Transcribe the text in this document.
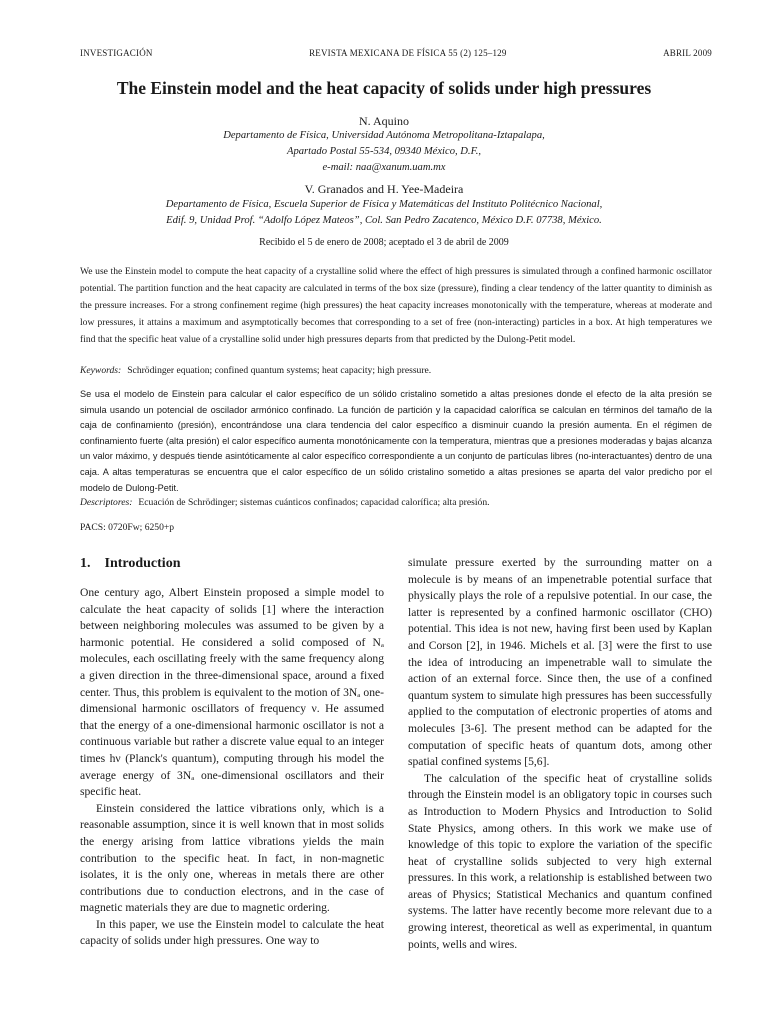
INVESTIGACIÓN	REVISTA MEXICANA DE FÍSICA 55 (2) 125–129	ABRIL 2009
The Einstein model and the heat capacity of solids under high pressures
N. Aquino
Departamento de Física, Universidad Autónoma Metropolitana-Iztapalapa,
Apartado Postal 55-534, 09340 México, D.F.,
e-mail: naa@xanum.uam.mx
V. Granados and H. Yee-Madeira
Departamento de Física, Escuela Superior de Física y Matemáticas del Instituto Politécnico Nacional,
Edif. 9, Unidad Prof. “Adolfo López Mateos”, Col. San Pedro Zacatenco, México D.F. 07738, México.
Recibido el 5 de enero de 2008; aceptado el 3 de abril de 2009
We use the Einstein model to compute the heat capacity of a crystalline solid where the effect of high pressures is simulated through a confined harmonic oscillator potential. The partition function and the heat capacity are calculated in terms of the box size (pressure), finding a clear tendency of the latter quantity to diminish as the pressure increases. For a strong confinement regime (high pressures) the heat capacity increases monotonically with the temperature, whereas at moderate and low pressures, it attains a maximum and asymptotically becomes that corresponding to a set of free (non-interacting) particles in a box. At high temperatures we find that the specific heat value of a crystalline solid under high pressures departs from that predicted by the Dulong-Petit model.
Keywords: Schrödinger equation; confined quantum systems; heat capacity; high pressure.
Se usa el modelo de Einstein para calcular el calor específico de un sólido cristalino sometido a altas presiones donde el efecto de la alta presión se simula usando un potencial de oscilador armónico confinado. La función de partición y la capacidad calorífica se calculan en términos del tamaño de la caja de confinamiento (presión), encontrándose una clara tendencia del calor específico a disminuir cuando la presión aumenta. En el régimen de confinamiento fuerte (alta presión) el calor específico aumenta monotónicamente con la temperatura, mientras que a presiones moderadas y bajas alcanza un valor máximo, y después tiende asintóticamente al calor específico correspondiente a un conjunto de partículas libres (no-interactuantes) dentro de una caja. A altas temperaturas se encuentra que el calor específico de un sólido cristalino sometido a altas presiones se aparta del valor predicho por el modelo de Dulong-Petit.
Descriptores: Ecuación de Schrödinger; sistemas cuánticos confinados; capacidad calorífica; alta presión.
PACS: 0720Fw; 6250+p
1. Introduction

One century ago, Albert Einstein proposed a simple model to calculate the heat capacity of solids [1] where the interaction between neighboring molecules was assumed to be given by a harmonic potential. He considered a solid composed of Nₐ molecules, each oscillating freely with the same frequency along a given direction in the three-dimensional space, around a fixed center. Thus, this problem is equivalent to the motion of 3Nₐ one-dimensional harmonic oscillators of frequency ν. He assumed that the energy of a one-dimensional harmonic oscillator is not a continuous variable but rather a discrete value equal to an integer times hν (Planck's quantum), computing through his model the average energy of 3Nₐ one-dimensional oscillators and their specific heat.

Einstein considered the lattice vibrations only, which is a reasonable assumption, since it is well known that in most solids the energy arising from lattice vibrations yields the main contribution to the specific heat. In fact, in non-magnetic isolates, it is the only one, whereas in metals there are other contributions due to conduction electrons, and in the case of magnetic materials they are due to magnetic ordering.

In this paper, we use the Einstein model to calculate the heat capacity of solids under high pressures. One way to

simulate pressure exerted by the surrounding matter on a molecule is by means of an impenetrable potential surface that physically plays the role of a repulsive potential. In our case, the latter is represented by a confined harmonic oscillator (CHO) potential. This idea is not new, having first been used by Kaplan and Corson [2], in 1946. Michels et al. [3] were the first to use the idea of introducing an impenetrable wall to simulate the action of an external force. Since then, the use of a confined quantum system to simulate high pressures has been successfully applied to the computation of electronic properties of atoms and molecules [3-6]. The present method can be adapted for the computation of specific heats of quantum dots, among other spatial confined systems [5,6].

The calculation of the specific heat of crystalline solids through the Einstein model is an obligatory topic in courses such as Introduction to Modern Physics and Introduction to Solid State Physics, among others. In this work we make use of knowledge of this topic to explore the variation of the specific heat of crystalline solids subjected to very high external pressures. In this work, a relationship is established between two areas of Physics; Statistical Mechanics and quantum confined systems. The latter have recently become more relevant due to a growing interest, theoretical as well as experimental, in quantum points, wells and wires.
